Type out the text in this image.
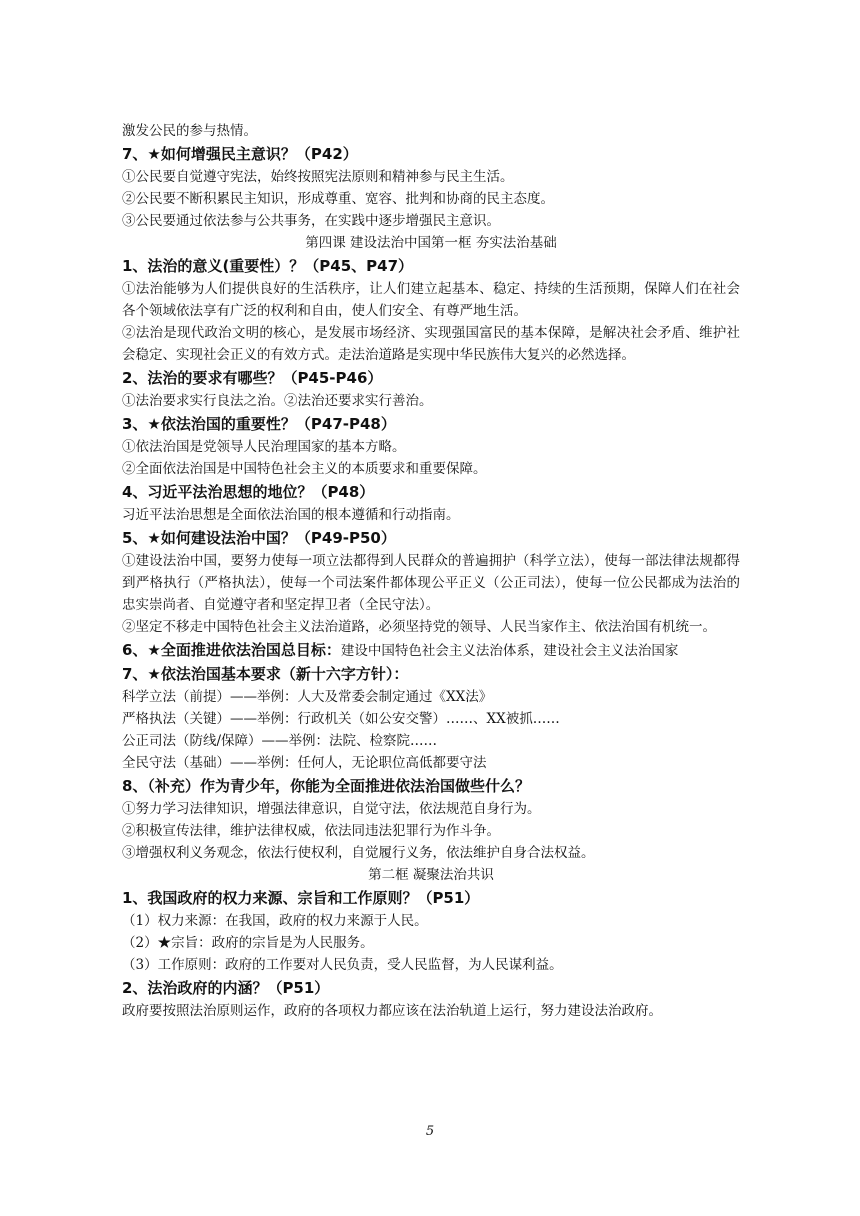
激发公民的参与热情。
7、★如何增强民主意识？（P42）
①公民要自觉遵守宪法，始终按照宪法原则和精神参与民主生活。
②公民要不断积累民主知识，形成尊重、宽容、批判和协商的民主态度。
③公民要通过依法参与公共事务，在实践中逐步增强民主意识。
第四课 建设法治中国第一框 夯实法治基础
1、法治的意义(重要性）？（P45、P47）
①法治能够为人们提供良好的生活秩序，让人们建立起基本、稳定、持续的生活预期，保障人们在社会各个领域依法享有广泛的权利和自由，使人们安全、有尊严地生活。
②法治是现代政治文明的核心，是发展市场经济、实现强国富民的基本保障，是解决社会矛盾、维护社会稳定、实现社会正义的有效方式。走法治道路是实现中华民族伟大复兴的必然选择。
2、法治的要求有哪些？（P45-P46）
①法治要求实行良法之治。②法治还要求实行善治。
3、★依法治国的重要性？（P47-P48）
①依法治国是党领导人民治理国家的基本方略。
②全面依法治国是中国特色社会主义的本质要求和重要保障。
4、习近平法治思想的地位？（P48）
习近平法治思想是全面依法治国的根本遵循和行动指南。
5、★如何建设法治中国？（P49-P50）
①建设法治中国，要努力使每一项立法都得到人民群众的普遍拥护（科学立法），使每一部法律法规都得到严格执行（严格执法），使每一个司法案件都体现公平正义（公正司法），使每一位公民都成为法治的忠实崇尚者、自觉遵守者和坚定捍卫者（全民守法）。
②坚定不移走中国特色社会主义法治道路，必须坚持党的领导、人民当家作主、依法治国有机统一。
6、★全面推进依法治国总目标：建设中国特色社会主义法治体系，建设社会主义法治国家
7、★依法治国基本要求（新十六字方针）：
科学立法（前提）——举例：人大及常委会制定通过《XX法》
严格执法（关键）——举例：行政机关（如公安交警）……、XX被抓……
公正司法（防线/保障）——举例：法院、检察院……
全民守法（基础）——举例：任何人，无论职位高低都要守法
8、（补充）作为青少年，你能为全面推进依法治国做些什么？
①努力学习法律知识，增强法律意识，自觉守法，依法规范自身行为。
②积极宣传法律，维护法律权威，依法同违法犯罪行为作斗争。
③增强权利义务观念，依法行使权利，自觉履行义务，依法维护自身合法权益。
第二框 凝聚法治共识
1、我国政府的权力来源、宗旨和工作原则？（P51）
（1）权力来源：在我国，政府的权力来源于人民。
（2）★宗旨：政府的宗旨是为人民服务。
（3）工作原则：政府的工作要对人民负责，受人民监督，为人民谋利益。
2、法治政府的内涵？（P51）
政府要按照法治原则运作，政府的各项权力都应该在法治轨道上运行，努力建设法治政府。
5
